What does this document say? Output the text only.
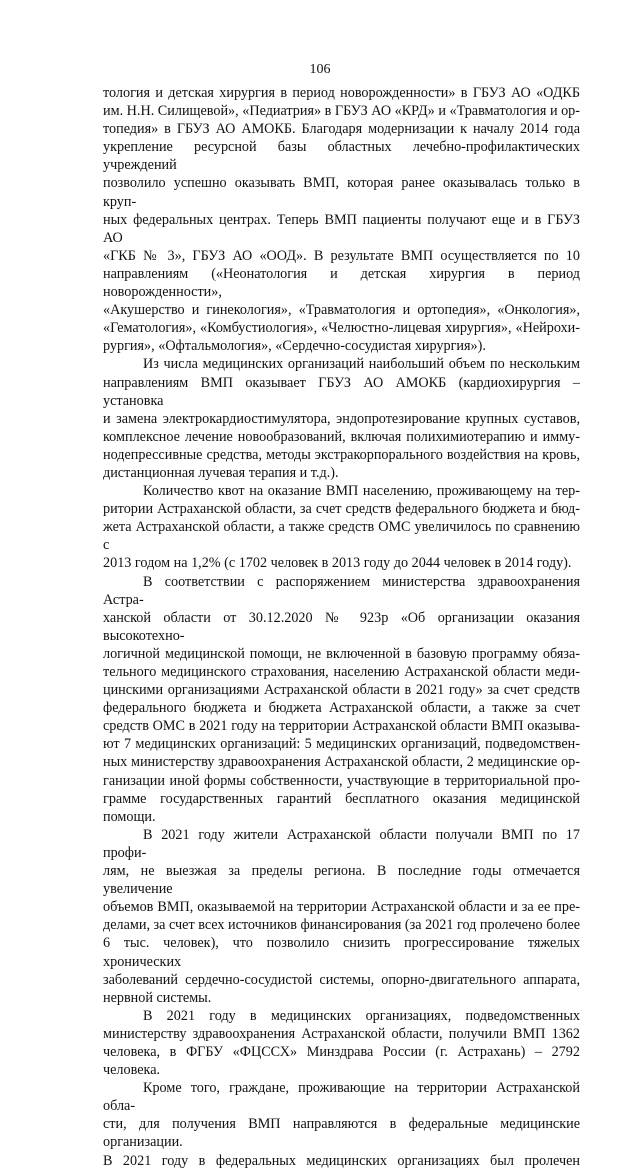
106

тология и детская хирургия в период новорожденности» в ГБУЗ АО «ОДКБ

им. Н.Н. Силищевой», «Педиатрия» в ГБУЗ АО «КРД» и «Травматология и ор-

топедия» в ГБУЗ АО АМОКБ. Благодаря модернизации к началу 2014 года

укрепление ресурсной базы областных лечебно-профилактических учреждений

позволило успешно оказывать ВМП, которая ранее оказывалась только в круп-

ных федеральных центрах. Теперь ВМП пациенты получают еще и в ГБУЗ АО

«ГКБ № 3», ГБУЗ АО «ООД». В результате ВМП осуществляется по 10

направлениям («Неонатология и детская хирургия в период новорожденности»,

«Акушерство и гинекология», «Травматология и ортопедия», «Онкология»,

«Гематология», «Комбустиология», «Челюстно-лицевая хирургия», «Нейрохи-

рургия», «Офтальмология», «Сердечно-сосудистая хирургия»).

Из числа медицинских организаций наибольший объем по нескольким

направлениям ВМП оказывает ГБУЗ АО АМОКБ (кардиохирургия – установка

и замена электрокардиостимулятора, эндопротезирование крупных суставов,

комплексное лечение новообразований, включая полихимиотерапию и имму-

нодепрессивные средства, методы экстракорпорального воздействия на кровь,

дистанционная лучевая терапия и т.д.).

Количество квот на оказание ВМП населению, проживающему на тер-

ритории Астраханской области, за счет средств федерального бюджета и бюд-

жета Астраханской области, а также средств ОМС увеличилось по сравнению с

2013 годом на 1,2% (с 1702 человек в 2013 году до 2044 человек в 2014 году).

В соответствии с распоряжением министерства здравоохранения Астра-

ханской области от 30.12.2020 № 923р «Об организации оказания высокотехно-

логичной медицинской помощи, не включенной в базовую программу обяза-

тельного медицинского страхования, населению Астраханской области меди-

цинскими организациями Астраханской области в 2021 году» за счет средств

федерального бюджета и бюджета Астраханской области, а также за счет

средств ОМС в 2021 году на территории Астраханской области ВМП оказыва-

ют 7 медицинских организаций: 5 медицинских организаций, подведомствен-

ных министерству здравоохранения Астраханской области, 2 медицинские ор-

ганизации иной формы собственности, участвующие в территориальной про-

грамме государственных гарантий бесплатного оказания медицинской помощи.

В 2021 году жители Астраханской области получали ВМП по 17 профи-

лям, не выезжая за пределы региона. В последние годы отмечается увеличение

объемов ВМП, оказываемой на территории Астраханской области и за ее пре-

делами, за счет всех источников финансирования (за 2021 год пролечено более

6 тыс. человек), что позволило снизить прогрессирование тяжелых хронических

заболеваний сердечно-сосудистой системы, опорно-двигательного аппарата,

нервной системы.

В 2021 году в медицинских организациях, подведомственных

министерству здравоохранения Астраханской области, получили ВМП 1362

человека, в ФГБУ «ФЦССХ» Минздрава России (г. Астрахань) – 2792 человека.

Кроме того, граждане, проживающие на территории Астраханской обла-

сти, для получения ВМП направляются в федеральные медицинские организации.

В 2021 году в федеральных медицинских организациях был пролечен
